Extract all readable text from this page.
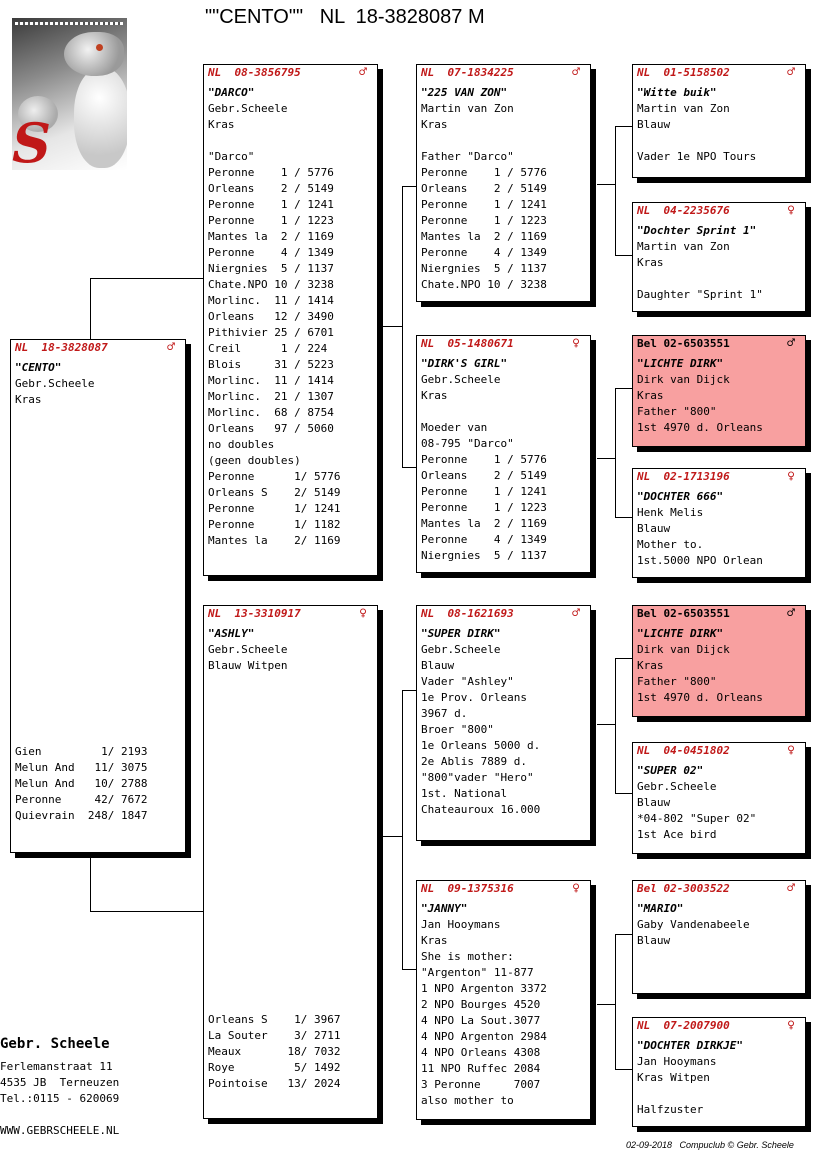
""CENTO""   NL  18-3828087 M
S
NL  18-3828087	♂
"CENTO"
Gebr.Scheele
Kras
Gien         1/ 2193
Melun And   11/ 3075
Melun And   10/ 2788
Peronne     42/ 7672
Quievrain  248/ 1847
NL  08-3856795	♂
"DARCO"
Gebr.Scheele
Kras
"Darco"
Peronne    1 / 5776
Orleans    2 / 5149
Peronne    1 / 1241
Peronne    1 / 1223
Mantes la  2 / 1169
Peronne    4 / 1349
Niergnies  5 / 1137
Chate.NPO 10 / 3238
Morlinc.  11 / 1414
Orleans   12 / 3490
Pithivier 25 / 6701
Creil      1 / 224
Blois     31 / 5223
Morlinc.  11 / 1414
Morlinc.  21 / 1307
Morlinc.  68 / 8754
Orleans   97 / 5060
no doubles
(geen doubles)
Peronne      1/ 5776
Orleans S    2/ 5149
Peronne      1/ 1241
Peronne      1/ 1182
Mantes la    2/ 1169
NL  13-3310917	♀
"ASHLY"
Gebr.Scheele
Blauw Witpen
Orleans S    1/ 3967
La Souter    3/ 2711
Meaux       18/ 7032
Roye         5/ 1492
Pointoise   13/ 2024
NL  07-1834225	♂
"225 VAN ZON"
Martin van Zon
Kras
Father "Darco"
Peronne    1 / 5776
Orleans    2 / 5149
Peronne    1 / 1241
Peronne    1 / 1223
Mantes la  2 / 1169
Peronne    4 / 1349
Niergnies  5 / 1137
Chate.NPO 10 / 3238
NL  05-1480671	♀
"DIRK'S GIRL"
Gebr.Scheele
Kras
Moeder van
08-795 "Darco"
Peronne    1 / 5776
Orleans    2 / 5149
Peronne    1 / 1241
Peronne    1 / 1223
Mantes la  2 / 1169
Peronne    4 / 1349
Niergnies  5 / 1137
NL  08-1621693	♂
"SUPER DIRK"
Gebr.Scheele
Blauw
Vader "Ashley"
1e Prov. Orleans
3967 d.
Broer "800"
1e Orleans 5000 d.
2e Ablis 7889 d.
"800"vader "Hero"
1st. National
Chateauroux 16.000
NL  09-1375316	♀
"JANNY"
Jan Hooymans
Kras
She is mother:
"Argenton" 11-877
1 NPO Argenton 3372
2 NPO Bourges 4520
4 NPO La Sout.3077
4 NPO Argenton 2984
4 NPO Orleans 4308
11 NPO Ruffec 2084
3 Peronne     7007
also mother to
NL  01-5158502	♂
"Witte buik"
Martin van Zon
Blauw
Vader 1e NPO Tours
NL  04-2235676	♀
"Dochter Sprint 1"
Martin van Zon
Kras
Daughter "Sprint 1"
Bel 02-6503551	♂
"LICHTE DIRK"
Dirk van Dijck
Kras
Father "800"
1st 4970 d. Orleans
NL  02-1713196	♀
"DOCHTER 666"
Henk Melis
Blauw
Mother to.
1st.5000 NPO Orlean
Bel 02-6503551	♂
"LICHTE DIRK"
Dirk van Dijck
Kras
Father "800"
1st 4970 d. Orleans
NL  04-0451802	♀
"SUPER 02"
Gebr.Scheele
Blauw
*04-802 "Super 02"
1st Ace bird
Bel 02-3003522	♂
"MARIO"
Gaby Vandenabeele
Blauw
NL  07-2007900	♀
"DOCHTER DIRKJE"
Jan Hooymans
Kras Witpen
Halfzuster
Gebr. Scheele
Ferlemanstraat 11
4535 JB  Terneuzen
Tel.:0115 - 620069
WWW.GEBRSCHEELE.NL
02-09-2018   Compuclub © Gebr. Scheele
